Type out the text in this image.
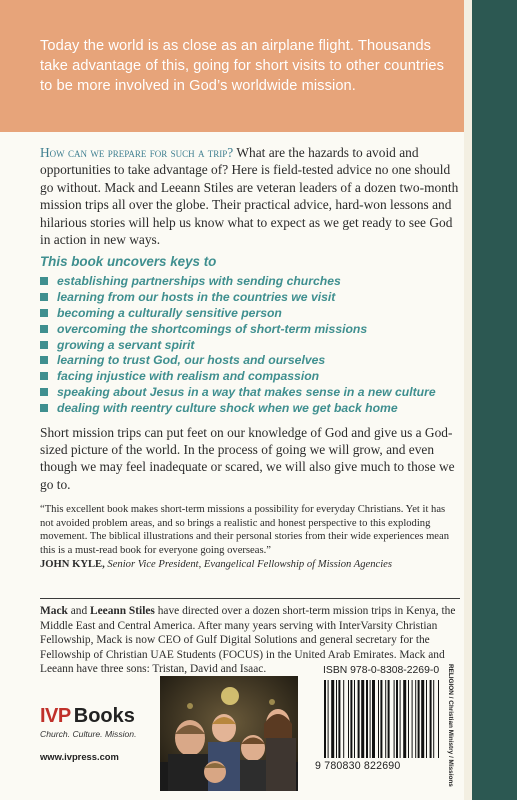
Today the world is as close as an airplane flight. Thousands take advantage of this, going for short visits to other countries to be more involved in God’s worldwide mission.

How can we prepare for such a trip? What are the hazards to avoid and opportunities to take advantage of? Here is field-tested advice no one should go without. Mack and Leeann Stiles are veteran leaders of a dozen two-month mission trips all over the globe. Their practical advice, hard-won lessons and hilarious stories will help us know what to expect as we get ready to see God in action in new ways.

This book uncovers keys to
establishing partnerships with sending churches
learning from our hosts in the countries we visit
becoming a culturally sensitive person
overcoming the shortcomings of short-term missions
growing a servant spirit
learning to trust God, our hosts and ourselves
facing injustice with realism and compassion
speaking about Jesus in a way that makes sense in a new culture
dealing with reentry culture shock when we get back home

Short mission trips can put feet on our knowledge of God and give us a God-sized picture of the world. In the process of going we will grow, and even though we may feel inadequate or scared, we will also give much to those we go to.

“This excellent book makes short-term missions a possibility for everyday Christians. Yet it has not avoided problem areas, and so brings a realistic and honest perspective to this exploding movement. The biblical illustrations and their personal stories from their wide experiences mean this is a must-read book for everyone going overseas.”

JOHN KYLE, Senior Vice President, Evangelical Fellowship of Mission Agencies

Mack and Leeann Stiles have directed over a dozen short-term mission trips in Kenya, the Middle East and Central America. After many years serving with InterVarsity Christian Fellowship, Mack is now CEO of Gulf Digital Solutions and general secretary for the Fellowship of Christian UAE Students (FOCUS) in the United Arab Emirates. Mack and Leeann have three sons: Tristan, David and Isaac.	ISBN 978-0-8308-2269-0
9 780830 822690	RELIGION / Christian Ministry / Missions
IVP Books
Church. Culture. Mission.
www.ivpress.com
